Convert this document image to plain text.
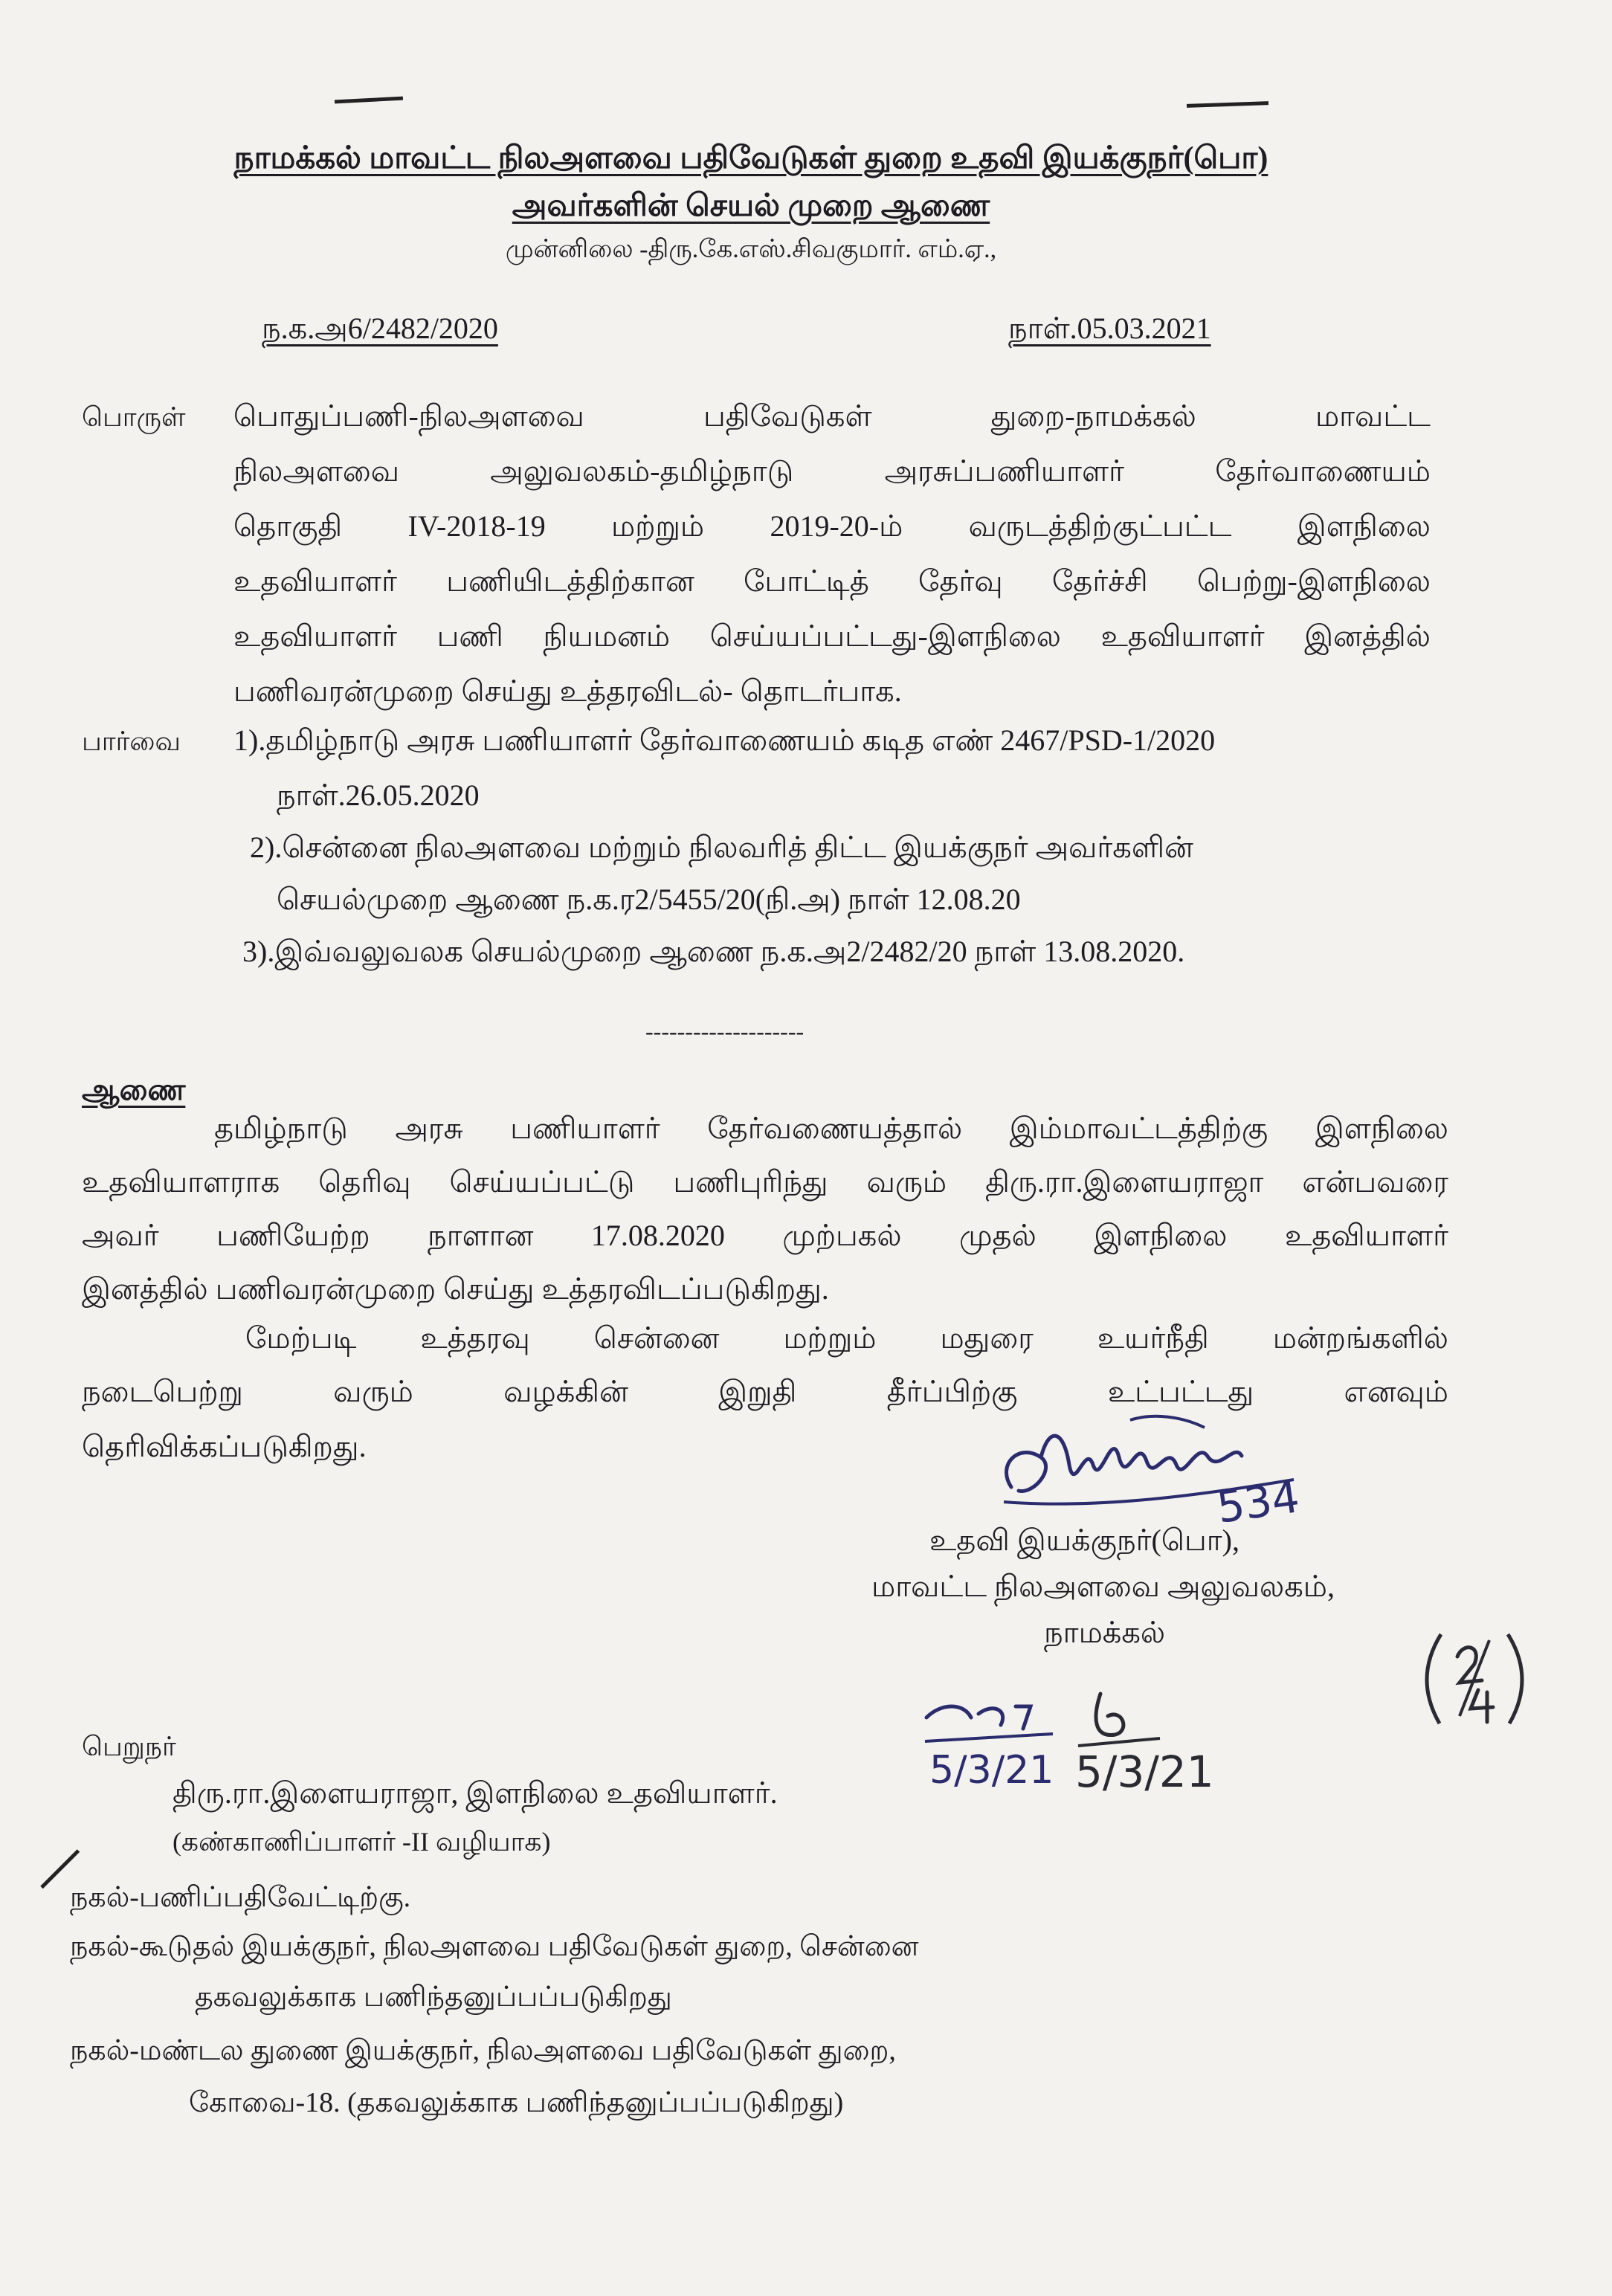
நாமக்கல் மாவட்ட நிலஅளவை பதிவேடுகள் துறை உதவி இயக்குநர்(பொ)
அவர்களின் செயல் முறை ஆணை
முன்னிலை -திரு.கே.எஸ்.சிவகுமார். எம்.ஏ.,
ந.க.அ6/2482/2020	நாள்.05.03.2021
பொருள் பொதுப்பணி-நிலஅளவை பதிவேடுகள் துறை-நாமக்கல் மாவட்ட
நிலஅளவை அலுவலகம்-தமிழ்நாடு அரசுப்பணியாளர் தேர்வாணையம்
தொகுதி IV-2018-19 மற்றும் 2019-20-ம் வருடத்திற்குட்பட்ட இளநிலை
உதவியாளர் பணியிடத்திற்கான போட்டித் தேர்வு தேர்ச்சி பெற்று-இளநிலை
உதவியாளர் பணி நியமனம் செய்யப்பட்டது-இளநிலை உதவியாளர் இனத்தில்
பணிவரன்முறை செய்து உத்தரவிடல்- தொடர்பாக.
பார்வை 1).தமிழ்நாடு அரசு பணியாளர் தேர்வாணையம் கடித எண் 2467/PSD-1/2020
நாள்.26.05.2020
2).சென்னை நிலஅளவை மற்றும் நிலவரித் திட்ட இயக்குநர் அவர்களின்
செயல்முறை ஆணை ந.க.ர2/5455/20(நி.அ) நாள் 12.08.20
3).இவ்வலுவலக செயல்முறை ஆணை ந.க.அ2/2482/20 நாள் 13.08.2020.
--------------------
ஆணை
தமிழ்நாடு அரசு பணியாளர் தேர்வணையத்தால் இம்மாவட்டத்திற்கு இளநிலை
உதவியாளராக தெரிவு செய்யப்பட்டு பணிபுரிந்து வரும் திரு.ரா.இளையராஜா என்பவரை
அவர் பணியேற்ற நாளான 17.08.2020 முற்பகல் முதல் இளநிலை உதவியாளர்
இனத்தில் பணிவரன்முறை செய்து உத்தரவிடப்படுகிறது.
மேற்படி உத்தரவு சென்னை மற்றும் மதுரை உயர்நீதி மன்றங்களில்
நடைபெற்று வரும் வழக்கின் இறுதி தீர்ப்பிற்கு உட்பட்டது எனவும்
தெரிவிக்கப்படுகிறது.
534
உதவி இயக்குநர்(பொ),
மாவட்ட நிலஅளவை அலுவலகம்,
நாமக்கல்
பெறுநர்
திரு.ரா.இளையராஜா, இளநிலை உதவியாளர்.
(கண்காணிப்பாளர் -II வழியாக)
5/3/21 5/3/21
நகல்-பணிப்பதிவேட்டிற்கு.
நகல்-கூடுதல் இயக்குநர், நிலஅளவை பதிவேடுகள் துறை, சென்னை
தகவலுக்காக பணிந்தனுப்பப்படுகிறது
நகல்-மண்டல துணை இயக்குநர், நிலஅளவை பதிவேடுகள் துறை,
கோவை-18. (தகவலுக்காக பணிந்தனுப்பப்படுகிறது)
